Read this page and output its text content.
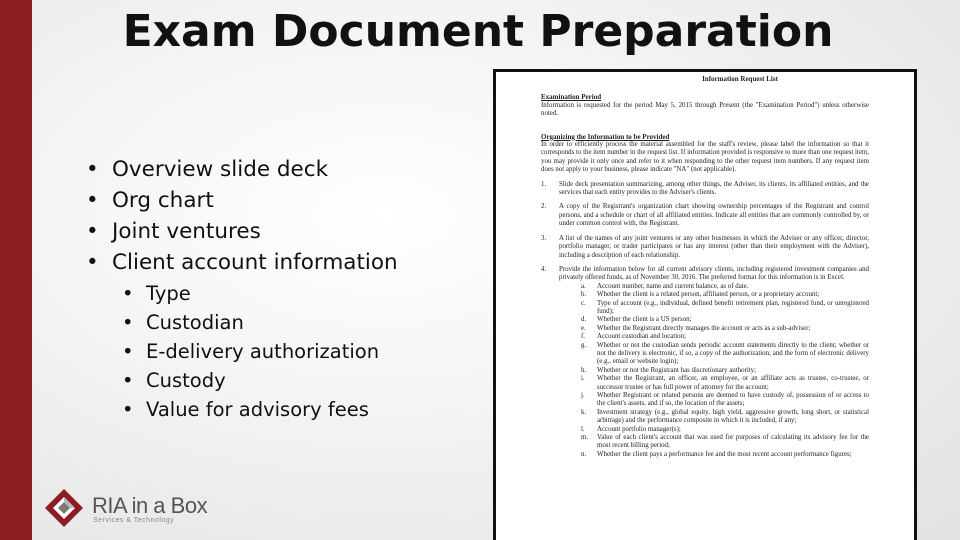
Exam Document Preparation
• Overview slide deck
• Org chart
• Joint ventures
• Client account information
• Type
• Custodian
• E-delivery authorization
• Custody
• Value for advisory fees
Information Request List
Examination Period

Information is requested for the period May 5, 2015 through Present (the "Examination Period") unless otherwise noted.

Organizing the Information to be Provided

In order to efficiently process the material assembled for the staff's review, please label the information so that it corresponds to the item number in the request list. If information provided is responsive to more than one request item, you may provide it only once and refer to it when responding to the other request item numbers. If any request item does not apply to your business, please indicate "NA" (not applicable).

1. Slide deck presentation summarizing, among other things, the Adviser, its clients, its affiliated entities, and the services that each entity provides to the Adviser's clients.
2. A copy of the Registrant's organization chart showing ownership percentages of the Registrant and control persons, and a schedule or chart of all affiliated entities. Indicate all entities that are commonly controlled by, or under common control with, the Registrant.
3. A list of the names of any joint ventures or any other businesses in which the Adviser or any officer, director, portfolio manager, or trader participates or has any interest (other than their employment with the Adviser), including a description of each relationship.
4. Provide the information below for all current advisory clients, including registered investment companies and privately offered funds, as of November 30, 2016. The preferred format for this information is in Excel.
a. Account number, name and current balance, as of date.
b. Whether the client is a related person, affiliated person, or a proprietary account;
c. Type of account (e.g., individual, defined benefit retirement plan, registered fund, or unregistered fund);
d. Whether the client is a US person;
e. Whether the Registrant directly manages the account or acts as a sub-adviser;
f. Account custodian and location;
g. Whether or not the custodian sends periodic account statements directly to the client; whether or not the delivery is electronic, if so, a copy of the authorization; and the form of electronic delivery (e.g., email or website login);
h. Whether or not the Registrant has discretionary authority;
i. Whether the Registrant, an officer, an employee, or an affiliate acts as trustee, co-trustee, or successor trustee or has full power of attorney for the account;
j. Whether Registrant or related persons are deemed to have custody of, possession of or access to the client's assets, and if so, the location of the assets;
k. Investment strategy (e.g., global equity, high yield, aggressive growth, long short, or statistical arbitrage) and the performance composite in which it is included, if any;
l. Account portfolio manager(s);
m. Value of each client's account that was used for purposes of calculating its advisory fee for the most recent billing period;
n. Whether the client pays a performance fee and the most recent account performance figures;
RIA in a Box
Services & Technology
